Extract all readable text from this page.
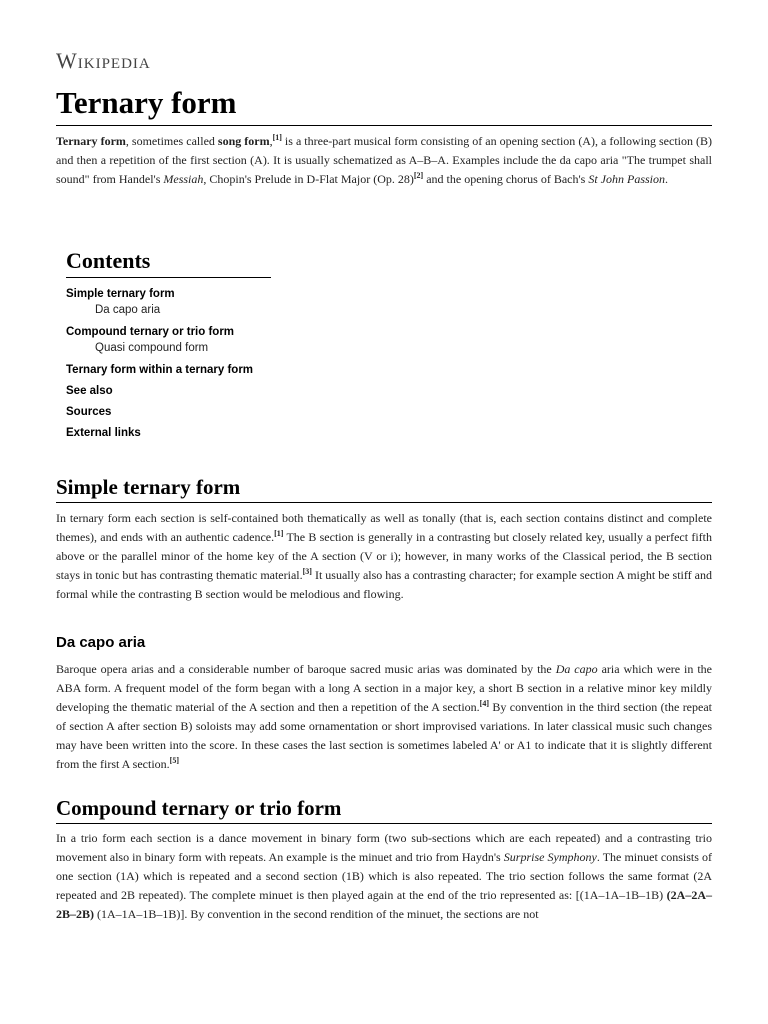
Wikipedia
Ternary form

Ternary form, sometimes called song form,[1] is a three-part musical form consisting of an opening section (A), a following section (B) and then a repetition of the first section (A). It is usually schematized as A–B–A. Examples include the da capo aria "The trumpet shall sound" from Handel's Messiah, Chopin's Prelude in D-Flat Major (Op. 28)[2] and the opening chorus of Bach's St John Passion.

Contents
Simple ternary form
Da capo aria
Compound ternary or trio form
Quasi compound form
Ternary form within a ternary form
See also
Sources
External links
Simple ternary form

In ternary form each section is self-contained both thematically as well as tonally (that is, each section contains distinct and complete themes), and ends with an authentic cadence.[1] The B section is generally in a contrasting but closely related key, usually a perfect fifth above or the parallel minor of the home key of the A section (V or i); however, in many works of the Classical period, the B section stays in tonic but has contrasting thematic material.[3] It usually also has a contrasting character; for example section A might be stiff and formal while the contrasting B section would be melodious and flowing.

Da capo aria

Baroque opera arias and a considerable number of baroque sacred music arias was dominated by the Da capo aria which were in the ABA form. A frequent model of the form began with a long A section in a major key, a short B section in a relative minor key mildly developing the thematic material of the A section and then a repetition of the A section.[4] By convention in the third section (the repeat of section A after section B) soloists may add some ornamentation or short improvised variations. In later classical music such changes may have been written into the score. In these cases the last section is sometimes labeled A' or A1 to indicate that it is slightly different from the first A section.[5]

Compound ternary or trio form

In a trio form each section is a dance movement in binary form (two sub-sections which are each repeated) and a contrasting trio movement also in binary form with repeats. An example is the minuet and trio from Haydn's Surprise Symphony. The minuet consists of one section (1A) which is repeated and a second section (1B) which is also repeated. The trio section follows the same format (2A repeated and 2B repeated). The complete minuet is then played again at the end of the trio represented as: [(1A–1A–1B–1B) (2A–2A–2B–2B) (1A–1A–1B–1B)]. By convention in the second rendition of the minuet, the sections are not
